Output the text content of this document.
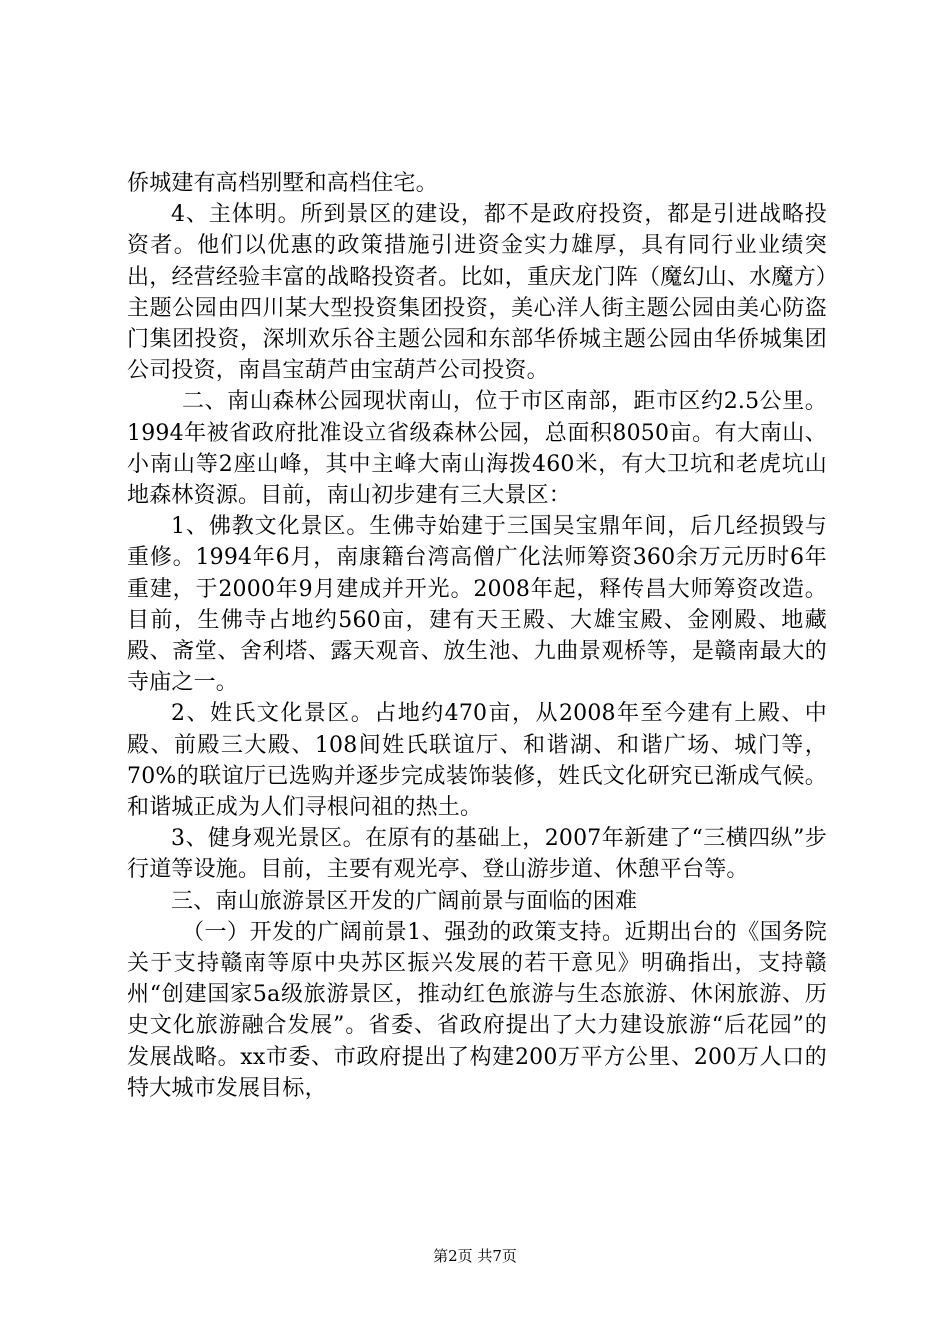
侨城建有高档别墅和高档住宅。

4、主体明。所到景区的建设，都不是政府投资，都是引进战略投资者。他们以优惠的政策措施引进资金实力雄厚，具有同行业业绩突出，经营经验丰富的战略投资者。比如，重庆龙门阵（魔幻山、水魔方）主题公园由四川某大型投资集团投资，美心洋人街主题公园由美心防盗门集团投资，深圳欢乐谷主题公园和东部华侨城主题公园由华侨城集团公司投资，南昌宝葫芦由宝葫芦公司投资。

二、南山森林公园现状南山，位于市区南部，距市区约2.5公里。1994年被省政府批准设立省级森林公园，总面积8050亩。有大南山、小南山等2座山峰，其中主峰大南山海拨460米，有大卫坑和老虎坑山地森林资源。目前，南山初步建有三大景区：

1、佛教文化景区。生佛寺始建于三国吴宝鼎年间，后几经损毁与重修。1994年6月，南康籍台湾高僧广化法师筹资360余万元历时6年重建，于2000年9月建成并开光。2008年起，释传昌大师筹资改造。目前，生佛寺占地约560亩，建有天王殿、大雄宝殿、金刚殿、地藏殿、斋堂、舍利塔、露天观音、放生池、九曲景观桥等，是赣南最大的寺庙之一。

2、姓氏文化景区。占地约470亩，从2008年至今建有上殿、中殿、前殿三大殿、108间姓氏联谊厅、和谐湖、和谐广场、城门等，70%的联谊厅已选购并逐步完成装饰装修，姓氏文化研究已渐成气候。和谐城正成为人们寻根问祖的热土。

3、健身观光景区。在原有的基础上，2007年新建了“三横四纵”步行道等设施。目前，主要有观光亭、登山游步道、休憩平台等。

三、南山旅游景区开发的广阔前景与面临的困难

（一）开发的广阔前景1、强劲的政策支持。近期出台的《国务院关于支持赣南等原中央苏区振兴发展的若干意见》明确指出，支持赣州“创建国家5a级旅游景区，推动红色旅游与生态旅游、休闲旅游、历史文化旅游融合发展”。省委、省政府提出了大力建设旅游“后花园”的发展战略。xx市委、市政府提出了构建200万平方公里、200万人口的特大城市发展目标，

第2页 共7页
